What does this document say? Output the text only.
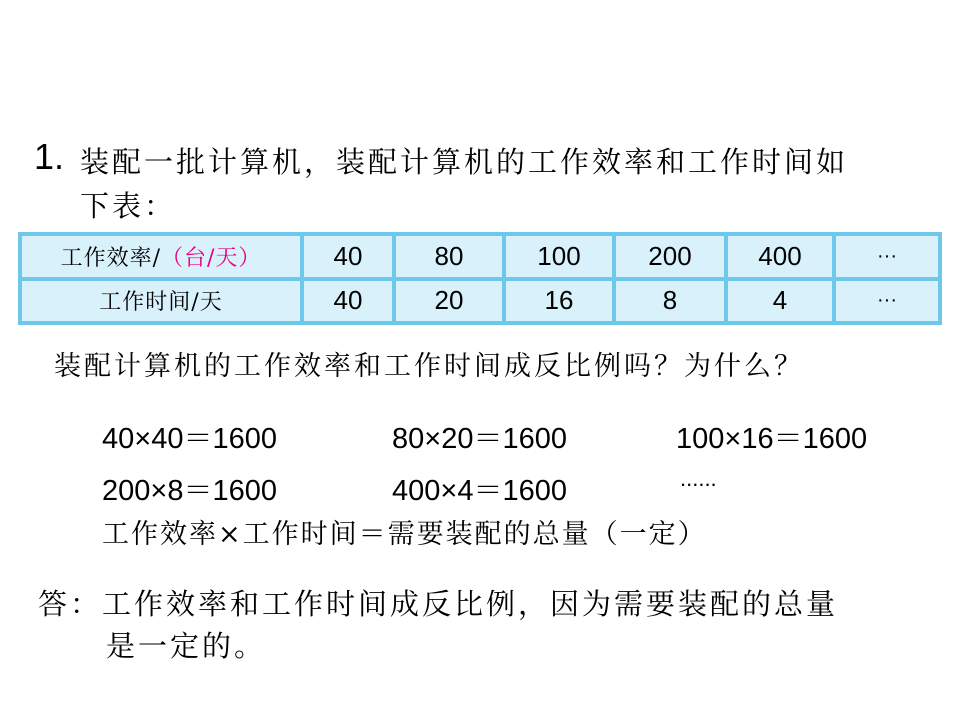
1. 装配一批计算机，装配计算机的工作效率和工作时间如
下表：
工作效率/（台/天）	40	80	100	200	400	···
工作时间/天	40	20	16	8	4	···
装配计算机的工作效率和工作时间成反比例吗？为什么？
40×40＝1600	80×20＝1600	100×16＝1600
200×8＝1600	400×4＝1600	......
工作效率×工作时间＝需要装配的总量（一定）
答：工作效率和工作时间成反比例，因为需要装配的总量
是一定的。
